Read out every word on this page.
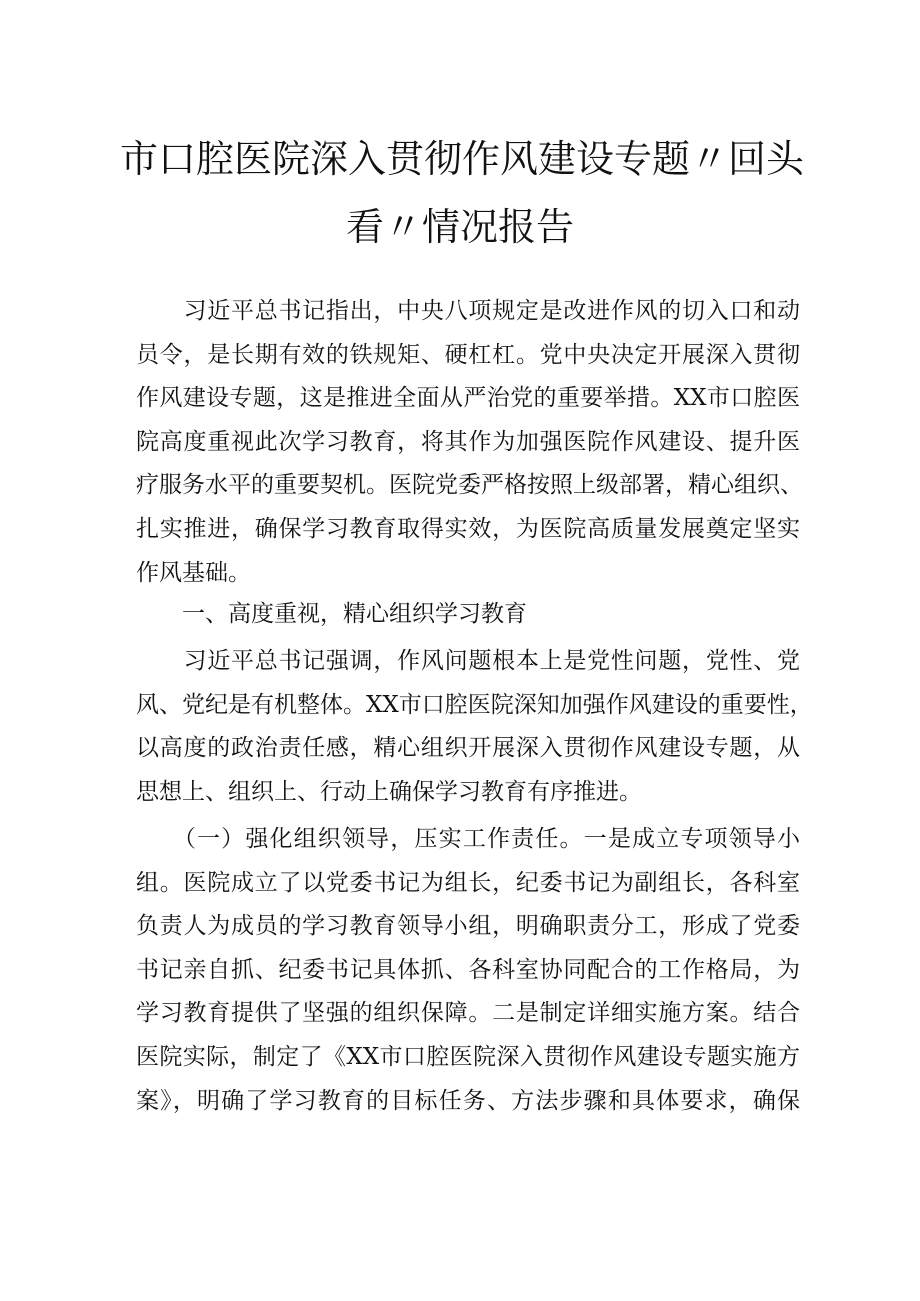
市口腔医院深入贯彻作风建设专题〃回头
看〃情况报告
　　习近平总书记指出，中央八项规定是改进作风的切入口和动
员令，是长期有效的铁规矩、硬杠杠。党中央决定开展深入贯彻
作风建设专题，这是推进全面从严治党的重要举措。XX市口腔医
院高度重视此次学习教育，将其作为加强医院作风建设、提升医
疗服务水平的重要契机。医院党委严格按照上级部署，精心组织、
扎实推进，确保学习教育取得实效，为医院高质量发展奠定坚实
作风基础。
一、高度重视，精心组织学习教育
　　习近平总书记强调，作风问题根本上是党性问题，党性、党
风、党纪是有机整体。XX市口腔医院深知加强作风建设的重要性，
以高度的政治责任感，精心组织开展深入贯彻作风建设专题，从
思想上、组织上、行动上确保学习教育有序推进。
　　（一）强化组织领导，压实工作责任。一是成立专项领导小
组。医院成立了以党委书记为组长，纪委书记为副组长，各科室
负责人为成员的学习教育领导小组，明确职责分工，形成了党委
书记亲自抓、纪委书记具体抓、各科室协同配合的工作格局，为
学习教育提供了坚强的组织保障。二是制定详细实施方案。结合
医院实际，制定了《XX市口腔医院深入贯彻作风建设专题实施方
案》，明确了学习教育的目标任务、方法步骤和具体要求，确保
